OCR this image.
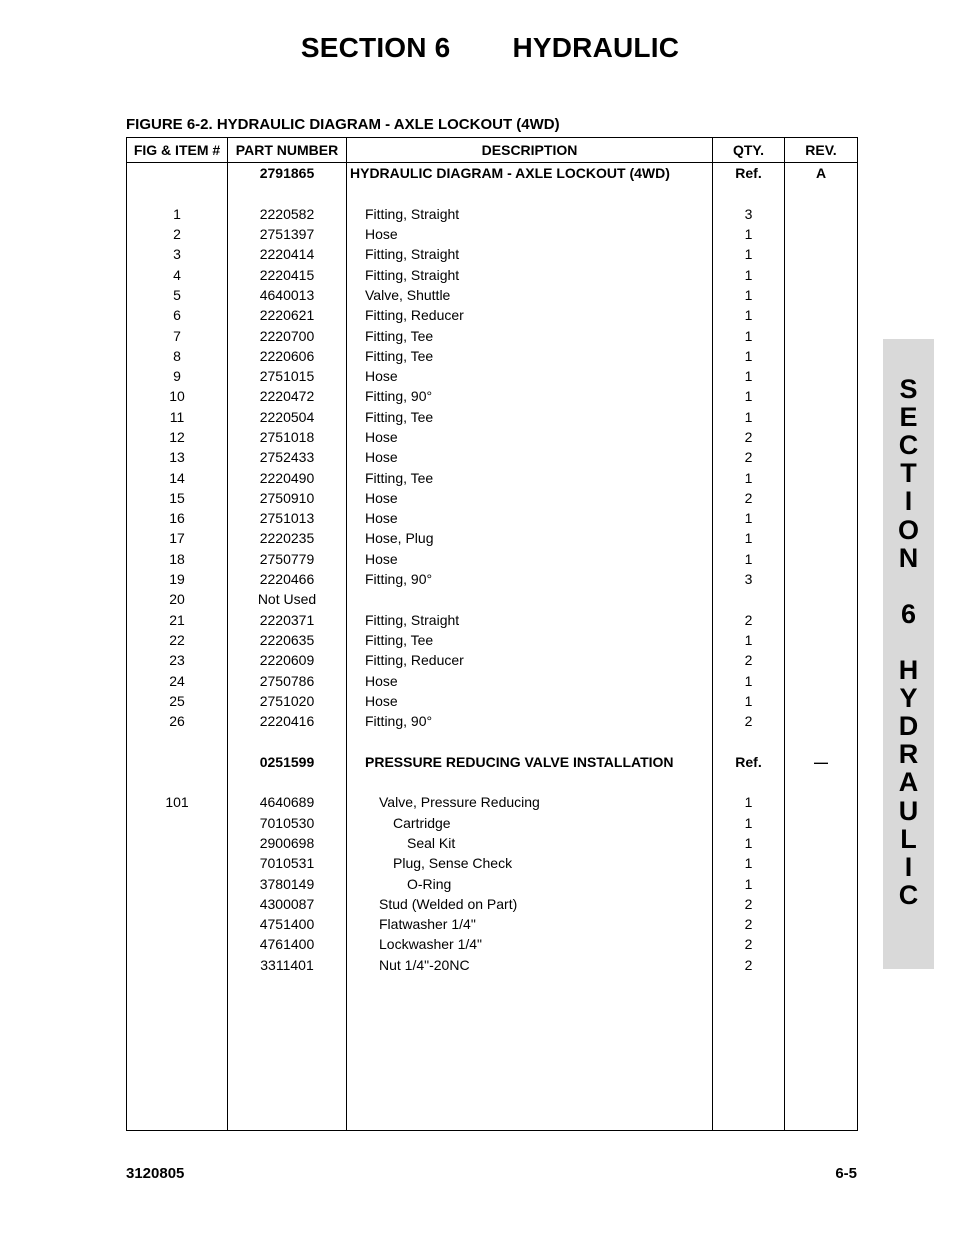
SECTION 6 HYDRAULIC
FIGURE 6-2. HYDRAULIC DIAGRAM - AXLE LOCKOUT (4WD)
FIG & ITEM #	PART NUMBER	DESCRIPTION	QTY.	REV.
	2791865	HYDRAULIC DIAGRAM - AXLE LOCKOUT (4WD)	Ref.	A

1	2220582	Fitting, Straight	3	
2	2751397	Hose	1	
3	2220414	Fitting, Straight	1	
4	2220415	Fitting, Straight	1	
5	4640013	Valve, Shuttle	1	
6	2220621	Fitting, Reducer	1	
7	2220700	Fitting, Tee	1	
8	2220606	Fitting, Tee	1	
9	2751015	Hose	1	
10	2220472	Fitting, 90°	1	
11	2220504	Fitting, Tee	1	
12	2751018	Hose	2	
13	2752433	Hose	2	
14	2220490	Fitting, Tee	1	
15	2750910	Hose	2	
16	2751013	Hose	1	
17	2220235	Hose, Plug	1	
18	2750779	Hose	1	
19	2220466	Fitting, 90°	3	
20	Not Used			
21	2220371	Fitting, Straight	2	
22	2220635	Fitting, Tee	1	
23	2220609	Fitting, Reducer	2	
24	2750786	Hose	1	
25	2751020	Hose	1	
26	2220416	Fitting, 90°	2	

	0251599	PRESSURE REDUCING VALVE INSTALLATION	Ref.	—

101	4640689	Valve, Pressure Reducing	1	
	7010530	Cartridge	1	
	2900698	Seal Kit	1	
	7010531	Plug, Sense Check	1	
	3780149	O-Ring	1	
	4300087	Stud (Welded on Part)	2	
	4751400	Flatwasher 1/4"	2	
	4761400	Lockwasher 1/4"	2	
	3311401	Nut 1/4"-20NC	2	

S
E
C
T
I
O
N
6
H
Y
D
R
A
U
L
I
C
3120805	6-5
